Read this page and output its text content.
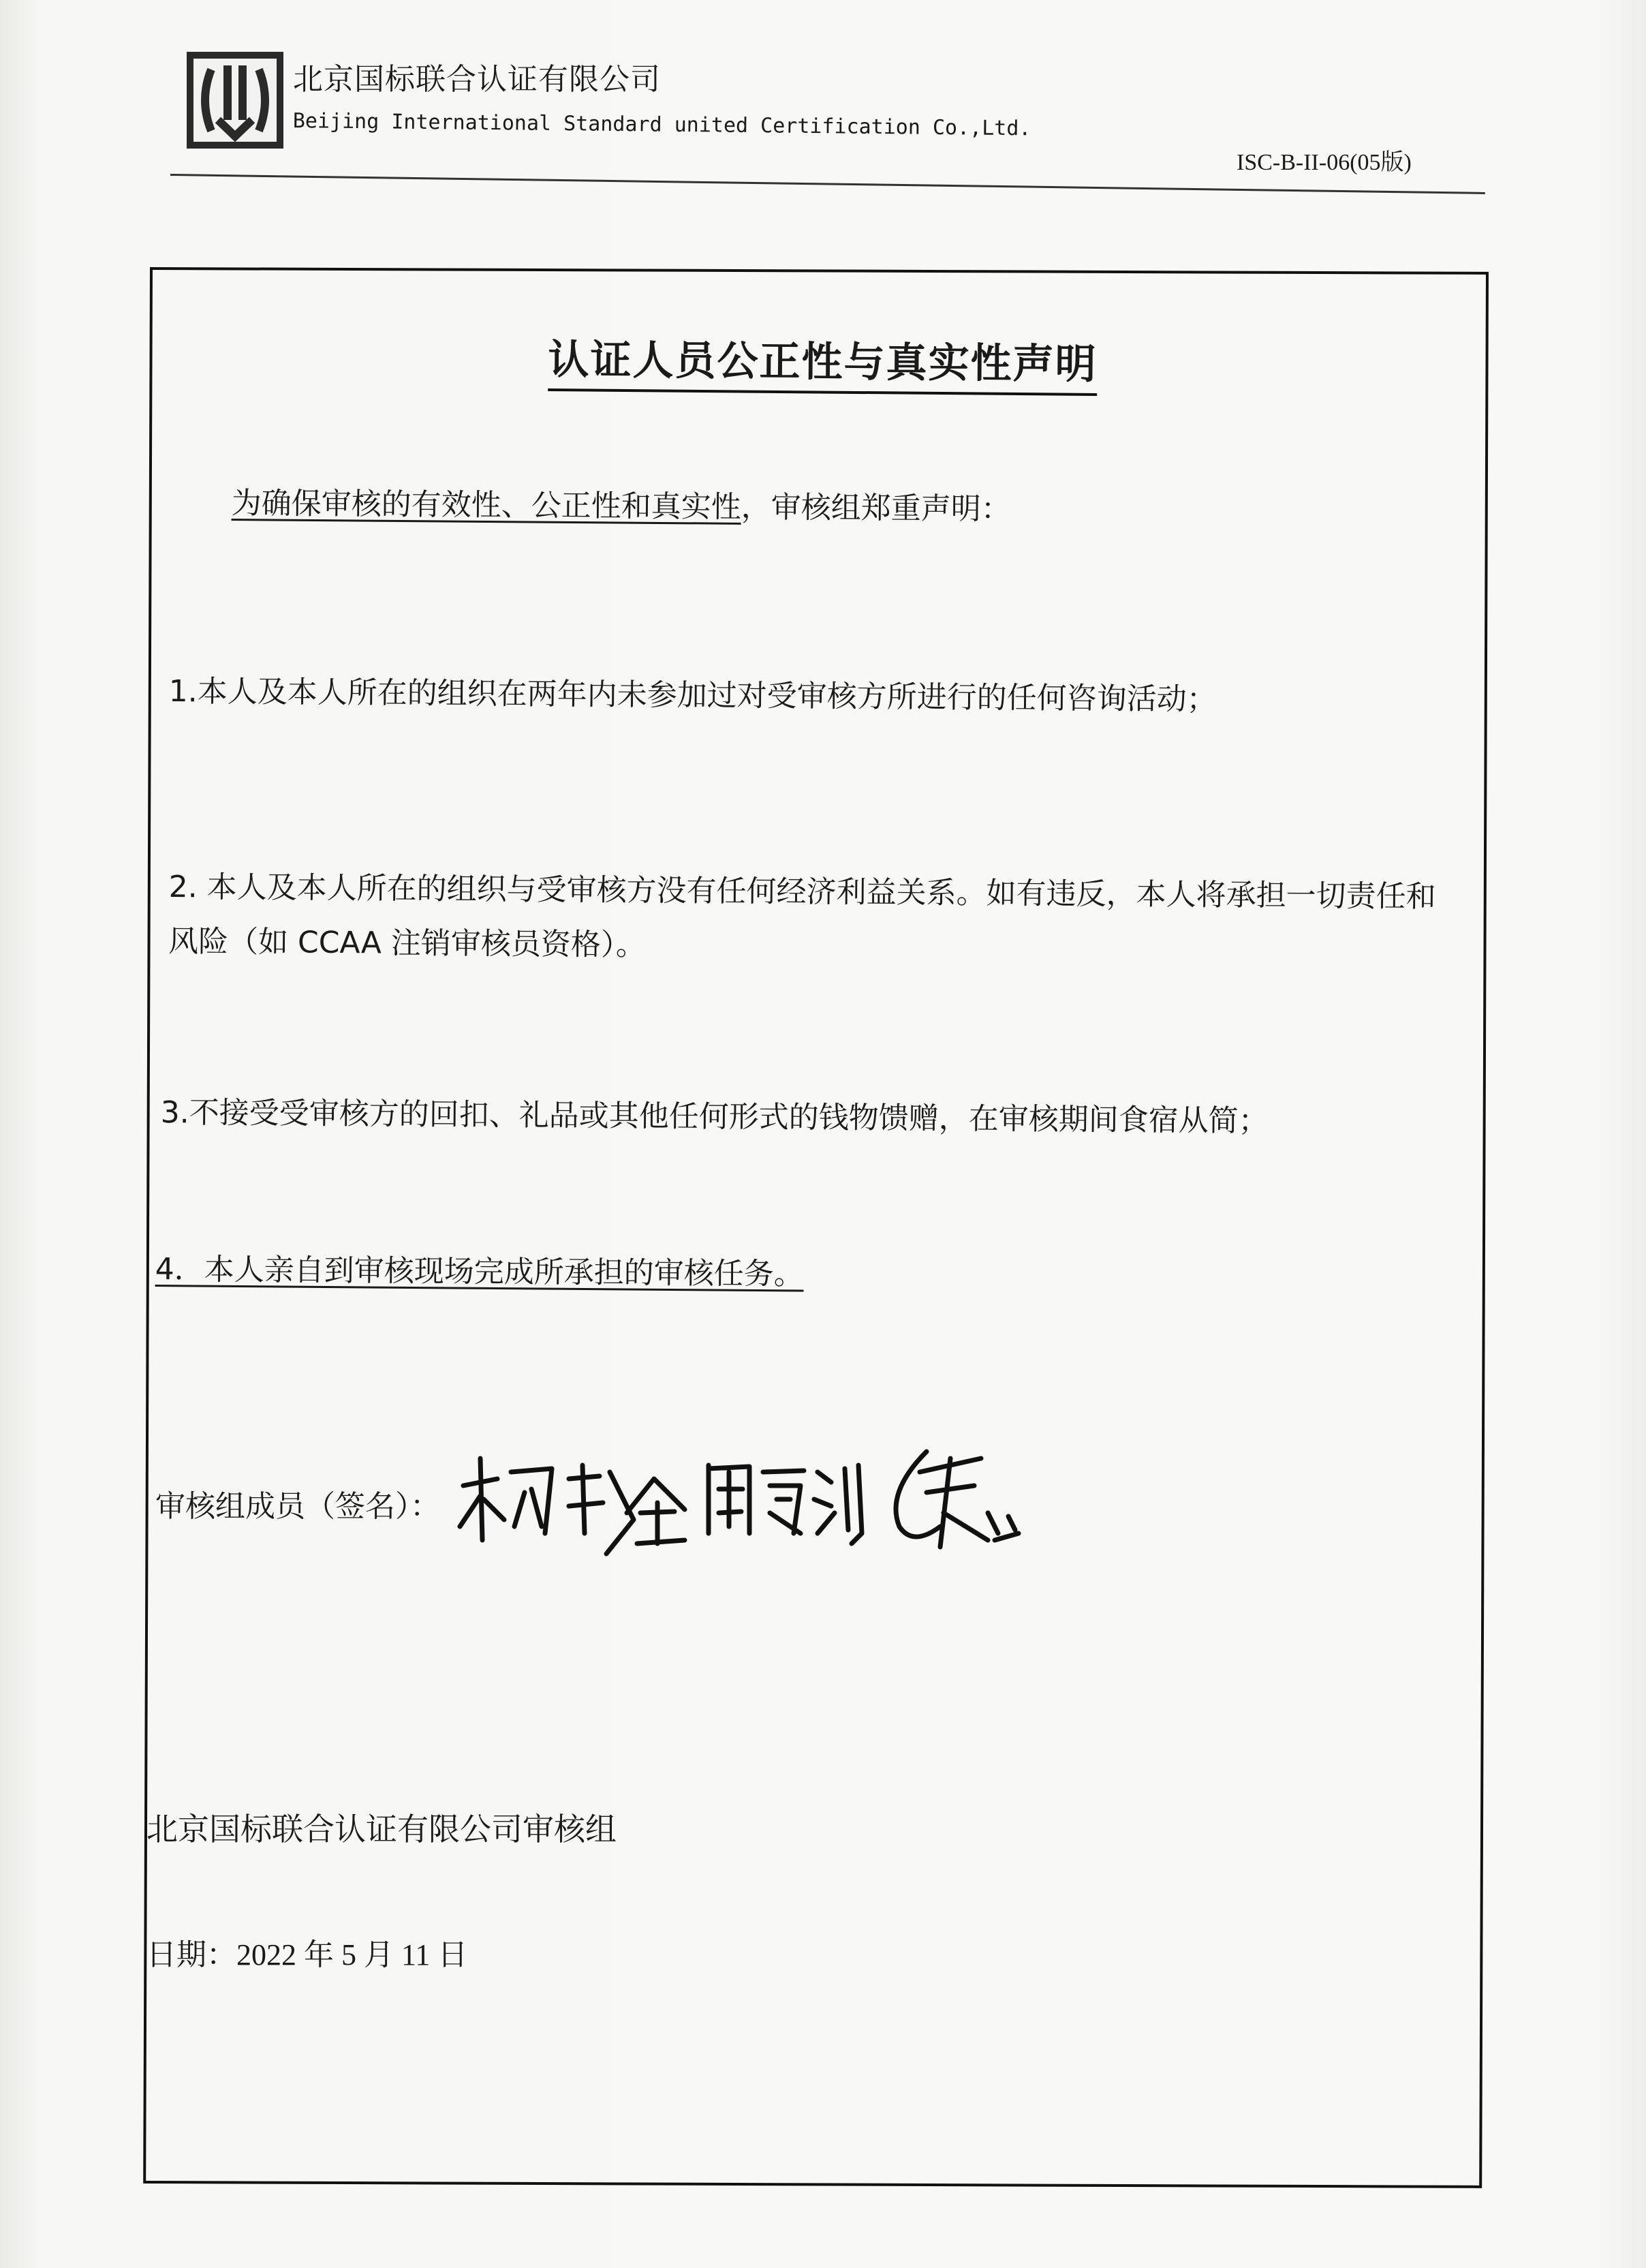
北京国标联合认证有限公司
Beijing International Standard united Certification Co.,Ltd.
ISC-B-II-06(05版)
认证人员公正性与真实性声明
为确保审核的有效性、公正性和真实性，审核组郑重声明：
1.本人及本人所在的组织在两年内未参加过对受审核方所进行的任何咨询活动；
2. 本人及本人所在的组织与受审核方没有任何经济利益关系。如有违反，本人将承担一切责任和
风险（如 CCAA 注销审核员资格）。
3.不接受受审核方的回扣、礼品或其他任何形式的钱物馈赠，在审核期间食宿从简；
4．本人亲自到审核现场完成所承担的审核任务。
审核组成员（签名）：
北京国标联合认证有限公司审核组
日期：2022 年 5 月 11 日
